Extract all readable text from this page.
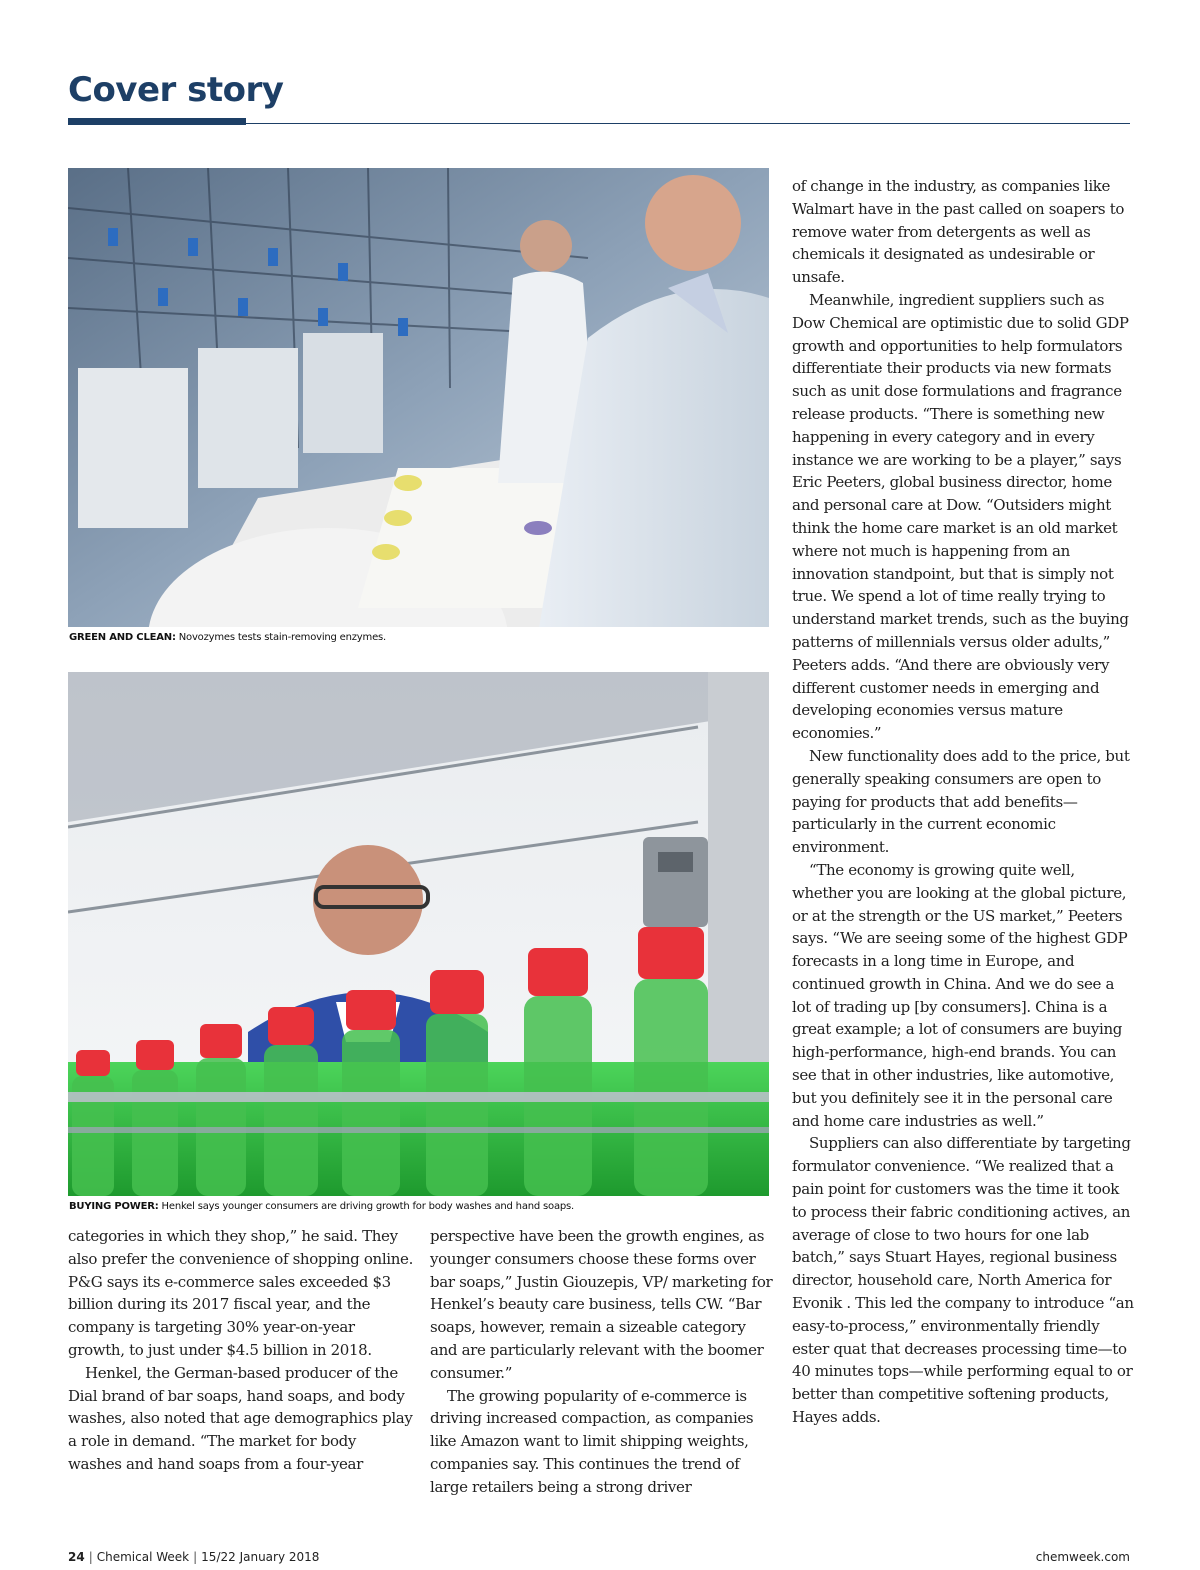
Cover story

GREEN AND CLEAN: Novozymes tests stain-removing enzymes.

BUYING POWER: Henkel says younger consumers are driving growth for body washes and hand soaps.

categories in which they shop,” he said. They also prefer the convenience of shopping online. P&G says its e-commerce sales exceeded $3 billion during its 2017 fiscal year, and the company is targeting 30% year-on-year growth, to just under $4.5 billion in 2018.

Henkel, the German-based producer of the Dial brand of bar soaps, hand soaps, and body washes, also noted that age demographics play a role in demand. “The market for body washes and hand soaps from a four-year

perspective have been the growth engines, as younger consumers choose these forms over bar soaps,” Justin Giouzepis, VP/ marketing for Henkel’s beauty care business, tells CW. “Bar soaps, however, remain a sizeable category and are particularly relevant with the boomer consumer.”

The growing popularity of e-commerce is driving increased compaction, as companies like Amazon want to limit shipping weights, companies say. This continues the trend of large retailers being a strong driver

of change in the industry, as companies like Walmart have in the past called on soapers to remove water from detergents as well as chemicals it designated as undesirable or unsafe.

Meanwhile, ingredient suppliers such as Dow Chemical are optimistic due to solid GDP growth and opportunities to help formulators differentiate their products via new formats such as unit dose formulations and fragrance release products. “There is something new happening in every category and in every instance we are working to be a player,” says Eric Peeters, global business director, home and personal care at Dow. “Outsiders might think the home care market is an old market where not much is happening from an innovation standpoint, but that is simply not true. We spend a lot of time really trying to understand market trends, such as the buying patterns of millennials versus older adults,” Peeters adds. “And there are obviously very different customer needs in emerging and developing economies versus mature economies.”

New functionality does add to the price, but generally speaking consumers are open to paying for products that add benefits—particularly in the current economic environment.

“The economy is growing quite well, whether you are looking at the global picture, or at the strength or the US market,” Peeters says. “We are seeing some of the highest GDP forecasts in a long time in Europe, and continued growth in China. And we do see a lot of trading up [by consumers]. China is a great example; a lot of consumers are buying high-performance, high-end brands. You can see that in other industries, like automotive, but you definitely see it in the personal care and home care industries as well.”

Suppliers can also differentiate by targeting formulator convenience. “We realized that a pain point for customers was the time it took to process their fabric conditioning actives, an average of close to two hours for one lab batch,” says Stuart Hayes, regional business director, household care, North America for Evonik . This led the company to introduce “an easy-to-process,” environmentally friendly ester quat that decreases processing time—to 40 minutes tops—while performing equal to or better than competitive softening products, Hayes adds.

24 | Chemical Week | 15/22 January 2018	chemweek.com
